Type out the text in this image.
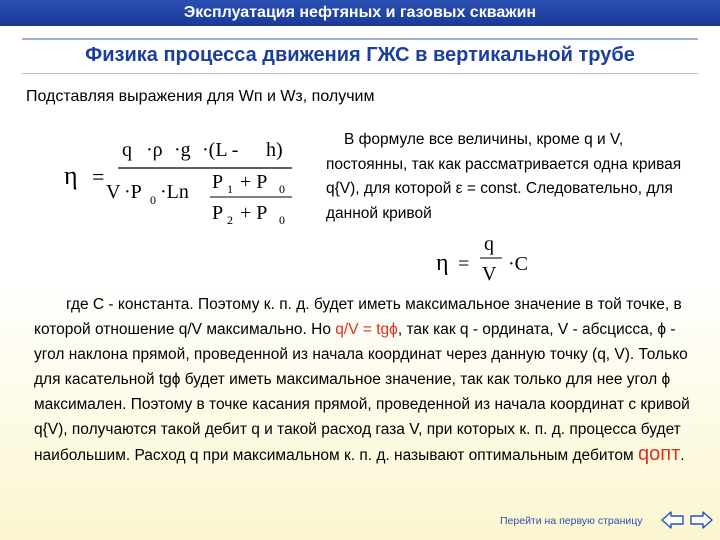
Эксплуатация нефтяных и газовых скважин
Физика процесса движения ГЖС в вертикальной трубе
Подставляя выражения для Wп и Wз, получим
η =
q ·ρ ·g ·(L - h)
V ·P 0 ·Ln P 1 + P 0
P 2 + P 0
В формуле все величины, кроме q и V, постоянны, так как рассматривается одна кривая q{V), для которой ε = const. Следовательно, для данной кривой
η =
q
V ·C
где С - константа. Поэтому к. п. д. будет иметь максимальное значение в той точке, в которой отношение q/V максимально. Но q/V = tgϕ, так как q - ордината, V - абсцисса, ϕ - угол наклона прямой, проведенной из начала координат через данную точку (q, V). Только для касательной tgϕ будет иметь максимальное значение, так как только для нее угол ϕ максимален. Поэтому в точке касания прямой, проведенной из начала координат с кривой q{V), получаются такой дебит q и такой расход газа V, при которых к. п. д. процесса будет наибольшим. Расход q при максимальном к. п. д. называют оптимальным дебитом qопт.
Перейти на первую страницу
